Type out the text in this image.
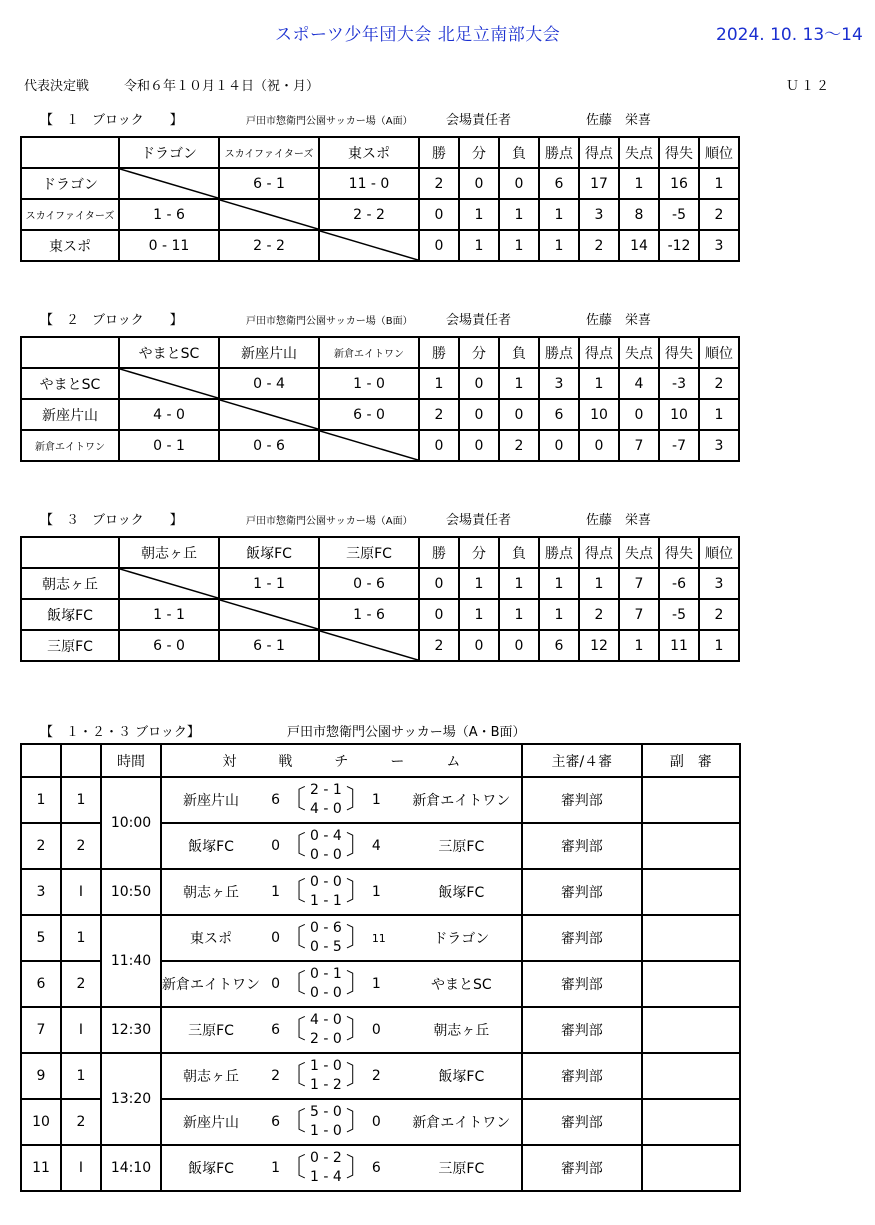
スポーツ少年団大会 北足立南部大会	2024. 10. 13〜14
代表決定戦	令和６年１０月１４日（祝・月）	Ｕ１２
【　１　ブロック　　】	戸田市惣衛門公園サッカー場（A面）	会場責任者	佐藤　栄喜
	ドラゴン	スカイファイターズ	東スポ	勝	分	負	勝点	得点	失点	得失	順位
ドラゴン		6 - 1	11 - 0	2	0	0	6	17	1	16	1
スカイファイターズ	1 - 6		2 - 2	0	1	1	1	3	8	-5	2
東スポ	0 - 11	2 - 2		0	1	1	1	2	14	-12	3
【　２　ブロック　　】	戸田市惣衛門公園サッカー場（B面）	会場責任者	佐藤　栄喜
	やまとSC	新座片山	新倉エイトワン	勝	分	負	勝点	得点	失点	得失	順位
やまとSC		0 - 4	1 - 0	1	0	1	3	1	4	-3	2
新座片山	4 - 0		6 - 0	2	0	0	6	10	0	10	1
新倉エイトワン	0 - 1	0 - 6		0	0	2	0	0	7	-7	3
【　３　ブロック　　】	戸田市惣衛門公園サッカー場（A面）	会場責任者	佐藤　栄喜
	朝志ヶ丘	飯塚FC	三原FC	勝	分	負	勝点	得点	失点	得失	順位
朝志ヶ丘		1 - 1	0 - 6	0	1	1	1	1	7	-6	3
飯塚FC	1 - 1		1 - 6	0	1	1	1	2	7	-5	2
三原FC	6 - 0	6 - 1		2	0	0	6	12	1	11	1
【　１・２・３ ブロック】	戸田市惣衛門公園サッカー場（A・B面）
		時間	対　　　戦　　　チ　　　ー　　　ム					主審/４審	副　審
1	1	10:00	新座片山	6	〔 2 - 1
4 - 0 〕	1	新倉エイトワン	審判部	
2	2		飯塚FC	0	〔 0 - 4
0 - 0 〕	4	三原FC	審判部	
3	I	10:50	朝志ヶ丘	1	〔 0 - 0
1 - 1 〕	1	飯塚FC	審判部	
5	1	11:40	東スポ	0	〔 0 - 6
0 - 5 〕	11	ドラゴン	審判部	
6	2		新倉エイトワン	0	〔 0 - 1
0 - 0 〕	1	やまとSC	審判部	
7	I	12:30	三原FC	6	〔 4 - 0
2 - 0 〕	0	朝志ヶ丘	審判部	
9	1	13:20	朝志ヶ丘	2	〔 1 - 0
1 - 2 〕	2	飯塚FC	審判部	
10	2		新座片山	6	〔 5 - 0
1 - 0 〕	0	新倉エイトワン	審判部	
11	I	14:10	飯塚FC	1	〔 0 - 2
1 - 4 〕	6	三原FC	審判部	
